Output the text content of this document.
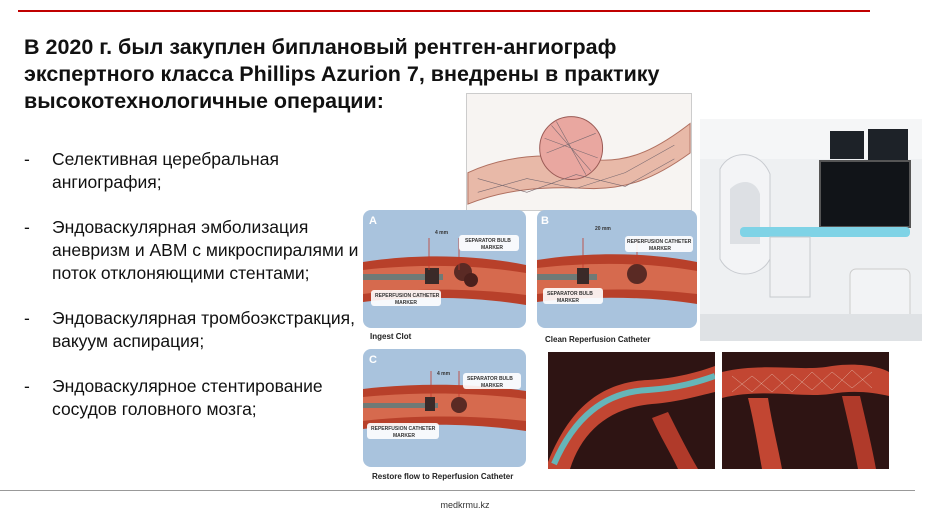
В 2020 г. был закуплен биплановый рентген-ангиограф экспертного класса Phillips Azurion 7, внедрены в практику высокотехнологичные операции:
- Селективная церебральная ангиография;
- Эндоваскулярная эмболизация аневризм и АВМ с микроспиралями и поток отклоняющими стентами;
- Эндоваскулярная тромбоэкстракция, вакуум аспирация;
- Эндоваскулярное стентирование сосудов головного мозга;
A
4 mm
SEPARATOR BULB
MARKER
REPERFUSION CATHETER
MARKER
Ingest Clot
B
20 mm
REPERFUSION CATHETER
MARKER
SEPARATOR BULB
MARKER
Clean Reperfusion Catheter
C
4 mm
SEPARATOR BULB
MARKER
REPERFUSION CATHETER
MARKER
Restore flow to Reperfusion Catheter
medkrmu.kz
